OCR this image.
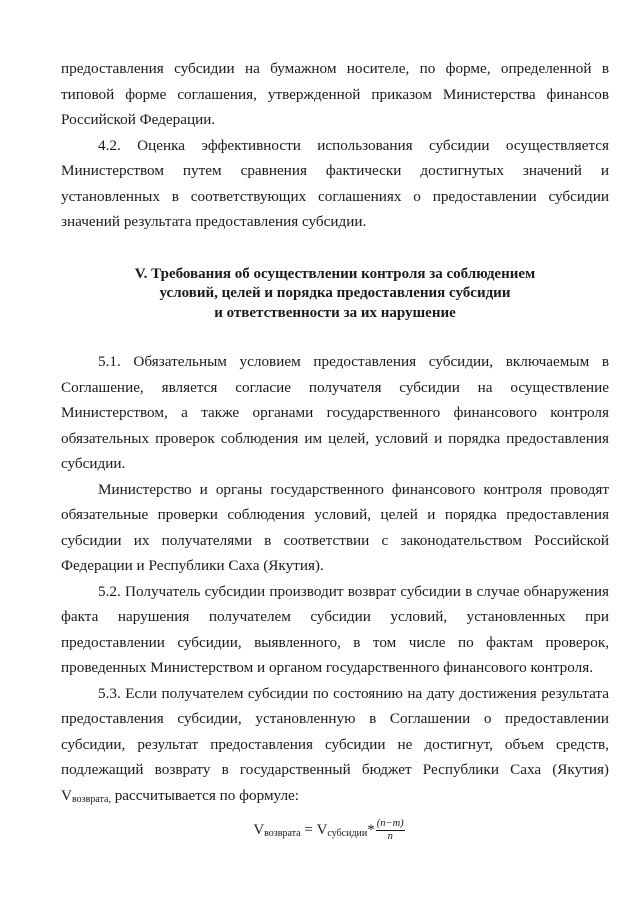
предоставления субсидии на бумажном носителе, по форме, определенной в типовой форме соглашения, утвержденной приказом Министерства финансов Российской Федерации.

4.2. Оценка эффективности использования субсидии осуществляется Министерством путем сравнения фактически достигнутых значений и установленных в соответствующих соглашениях о предоставлении субсидии значений результата предоставления субсидии.

V. Требования об осуществлении контроля за соблюдением
условий, целей и порядка предоставления субсидии
и ответственности за их нарушение

5.1. Обязательным условием предоставления субсидии, включаемым в Соглашение, является согласие получателя субсидии на осуществление Министерством, а также органами государственного финансового контроля обязательных проверок соблюдения им целей, условий и порядка предоставления субсидии.

Министерство и органы государственного финансового контроля проводят обязательные проверки соблюдения условий, целей и порядка предоставления субсидии их получателями в соответствии с законодательством Российской Федерации и Республики Саха (Якутия).

5.2. Получатель субсидии производит возврат субсидии в случае обнаружения факта нарушения получателем субсидии условий, установленных при предоставлении субсидии, выявленного, в том числе по фактам проверок, проведенных Министерством и органом государственного финансового контроля.

5.3. Если получателем субсидии по состоянию на дату достижения результата предоставления субсидии, установленную в Соглашении о предоставлении субсидии, результат предоставления субсидии не достигнут, объем средств, подлежащий возврату в государственный бюджет Республики Саха (Якутия) $V_{возврата,}$ рассчитывается по формуле:

$V_{возврата} = V_{субсидии}* \frac{(n-m)}{n}$
